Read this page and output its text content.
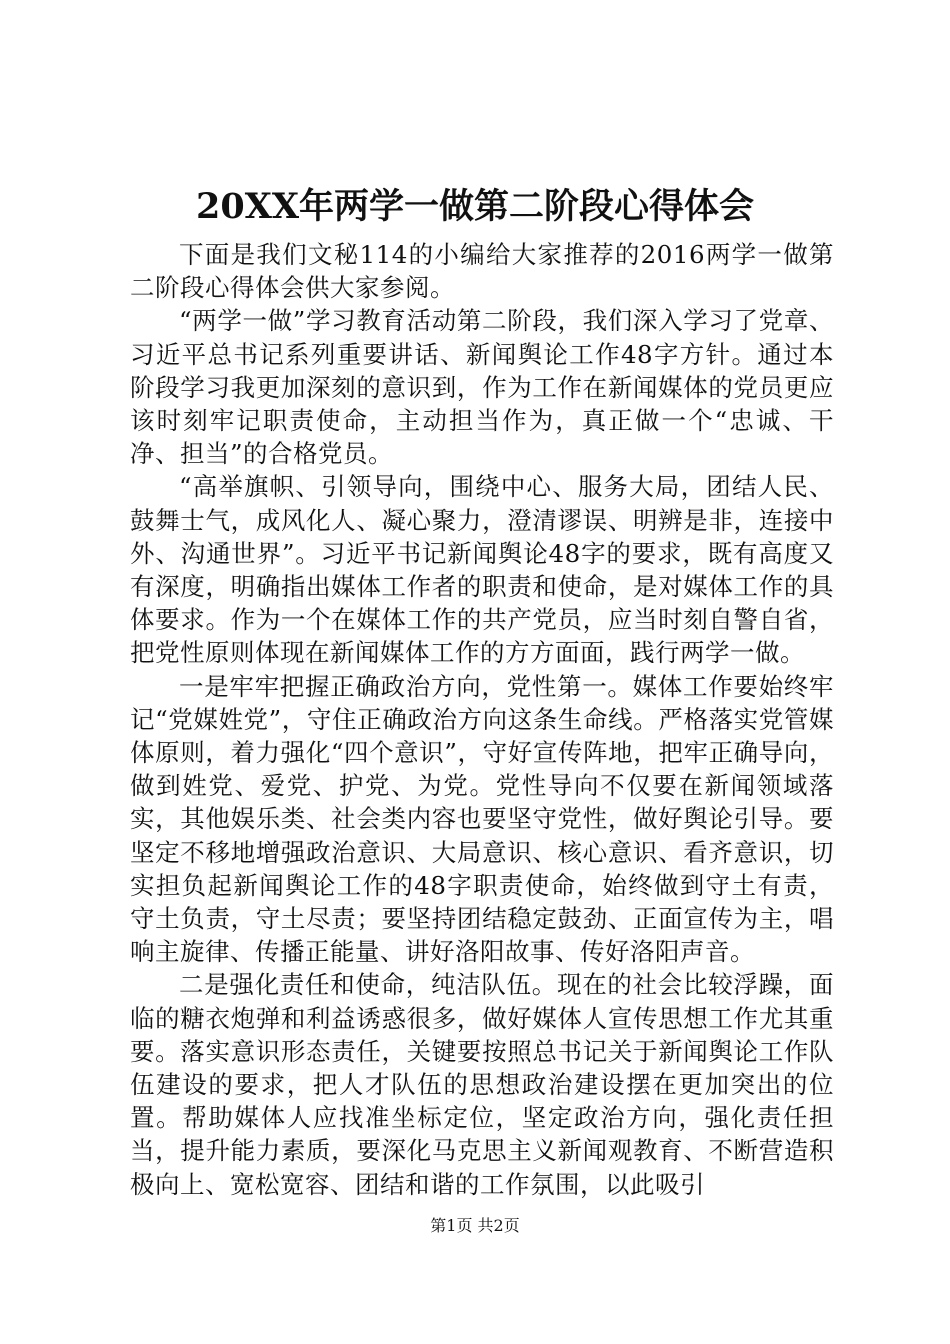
20XX年两学一做第二阶段心得体会

下面是我们文秘114的小编给大家推荐的2016两学一做第二阶段心得体会供大家参阅。

“两学一做”学习教育活动第二阶段，我们深入学习了党章、习近平总书记系列重要讲话、新闻舆论工作48字方针。通过本阶段学习我更加深刻的意识到，作为工作在新闻媒体的党员更应该时刻牢记职责使命，主动担当作为，真正做一个“忠诚、干净、担当”的合格党员。

“高举旗帜、引领导向，围绕中心、服务大局，团结人民、鼓舞士气，成风化人、凝心聚力，澄清谬误、明辨是非，连接中外、沟通世界”。习近平书记新闻舆论48字的要求，既有高度又有深度，明确指出媒体工作者的职责和使命，是对媒体工作的具体要求。作为一个在媒体工作的共产党员，应当时刻自警自省，把党性原则体现在新闻媒体工作的方方面面，践行两学一做。

一是牢牢把握正确政治方向，党性第一。媒体工作要始终牢记“党媒姓党”，守住正确政治方向这条生命线。严格落实党管媒体原则，着力强化“四个意识”，守好宣传阵地，把牢正确导向，做到姓党、爱党、护党、为党。党性导向不仅要在新闻领域落实，其他娱乐类、社会类内容也要坚守党性，做好舆论引导。要坚定不移地增强政治意识、大局意识、核心意识、看齐意识，切实担负起新闻舆论工作的48字职责使命，始终做到守土有责，守土负责，守土尽责；要坚持团结稳定鼓劲、正面宣传为主，唱响主旋律、传播正能量、讲好洛阳故事、传好洛阳声音。

二是强化责任和使命，纯洁队伍。现在的社会比较浮躁，面临的糖衣炮弹和利益诱惑很多，做好媒体人宣传思想工作尤其重要。落实意识形态责任，关键要按照总书记关于新闻舆论工作队伍建设的要求，把人才队伍的思想政治建设摆在更加突出的位置。帮助媒体人应找准坐标定位，坚定政治方向，强化责任担当，提升能力素质，要深化马克思主义新闻观教育、不断营造积极向上、宽松宽容、团结和谐的工作氛围，以此吸引

第1页 共2页
